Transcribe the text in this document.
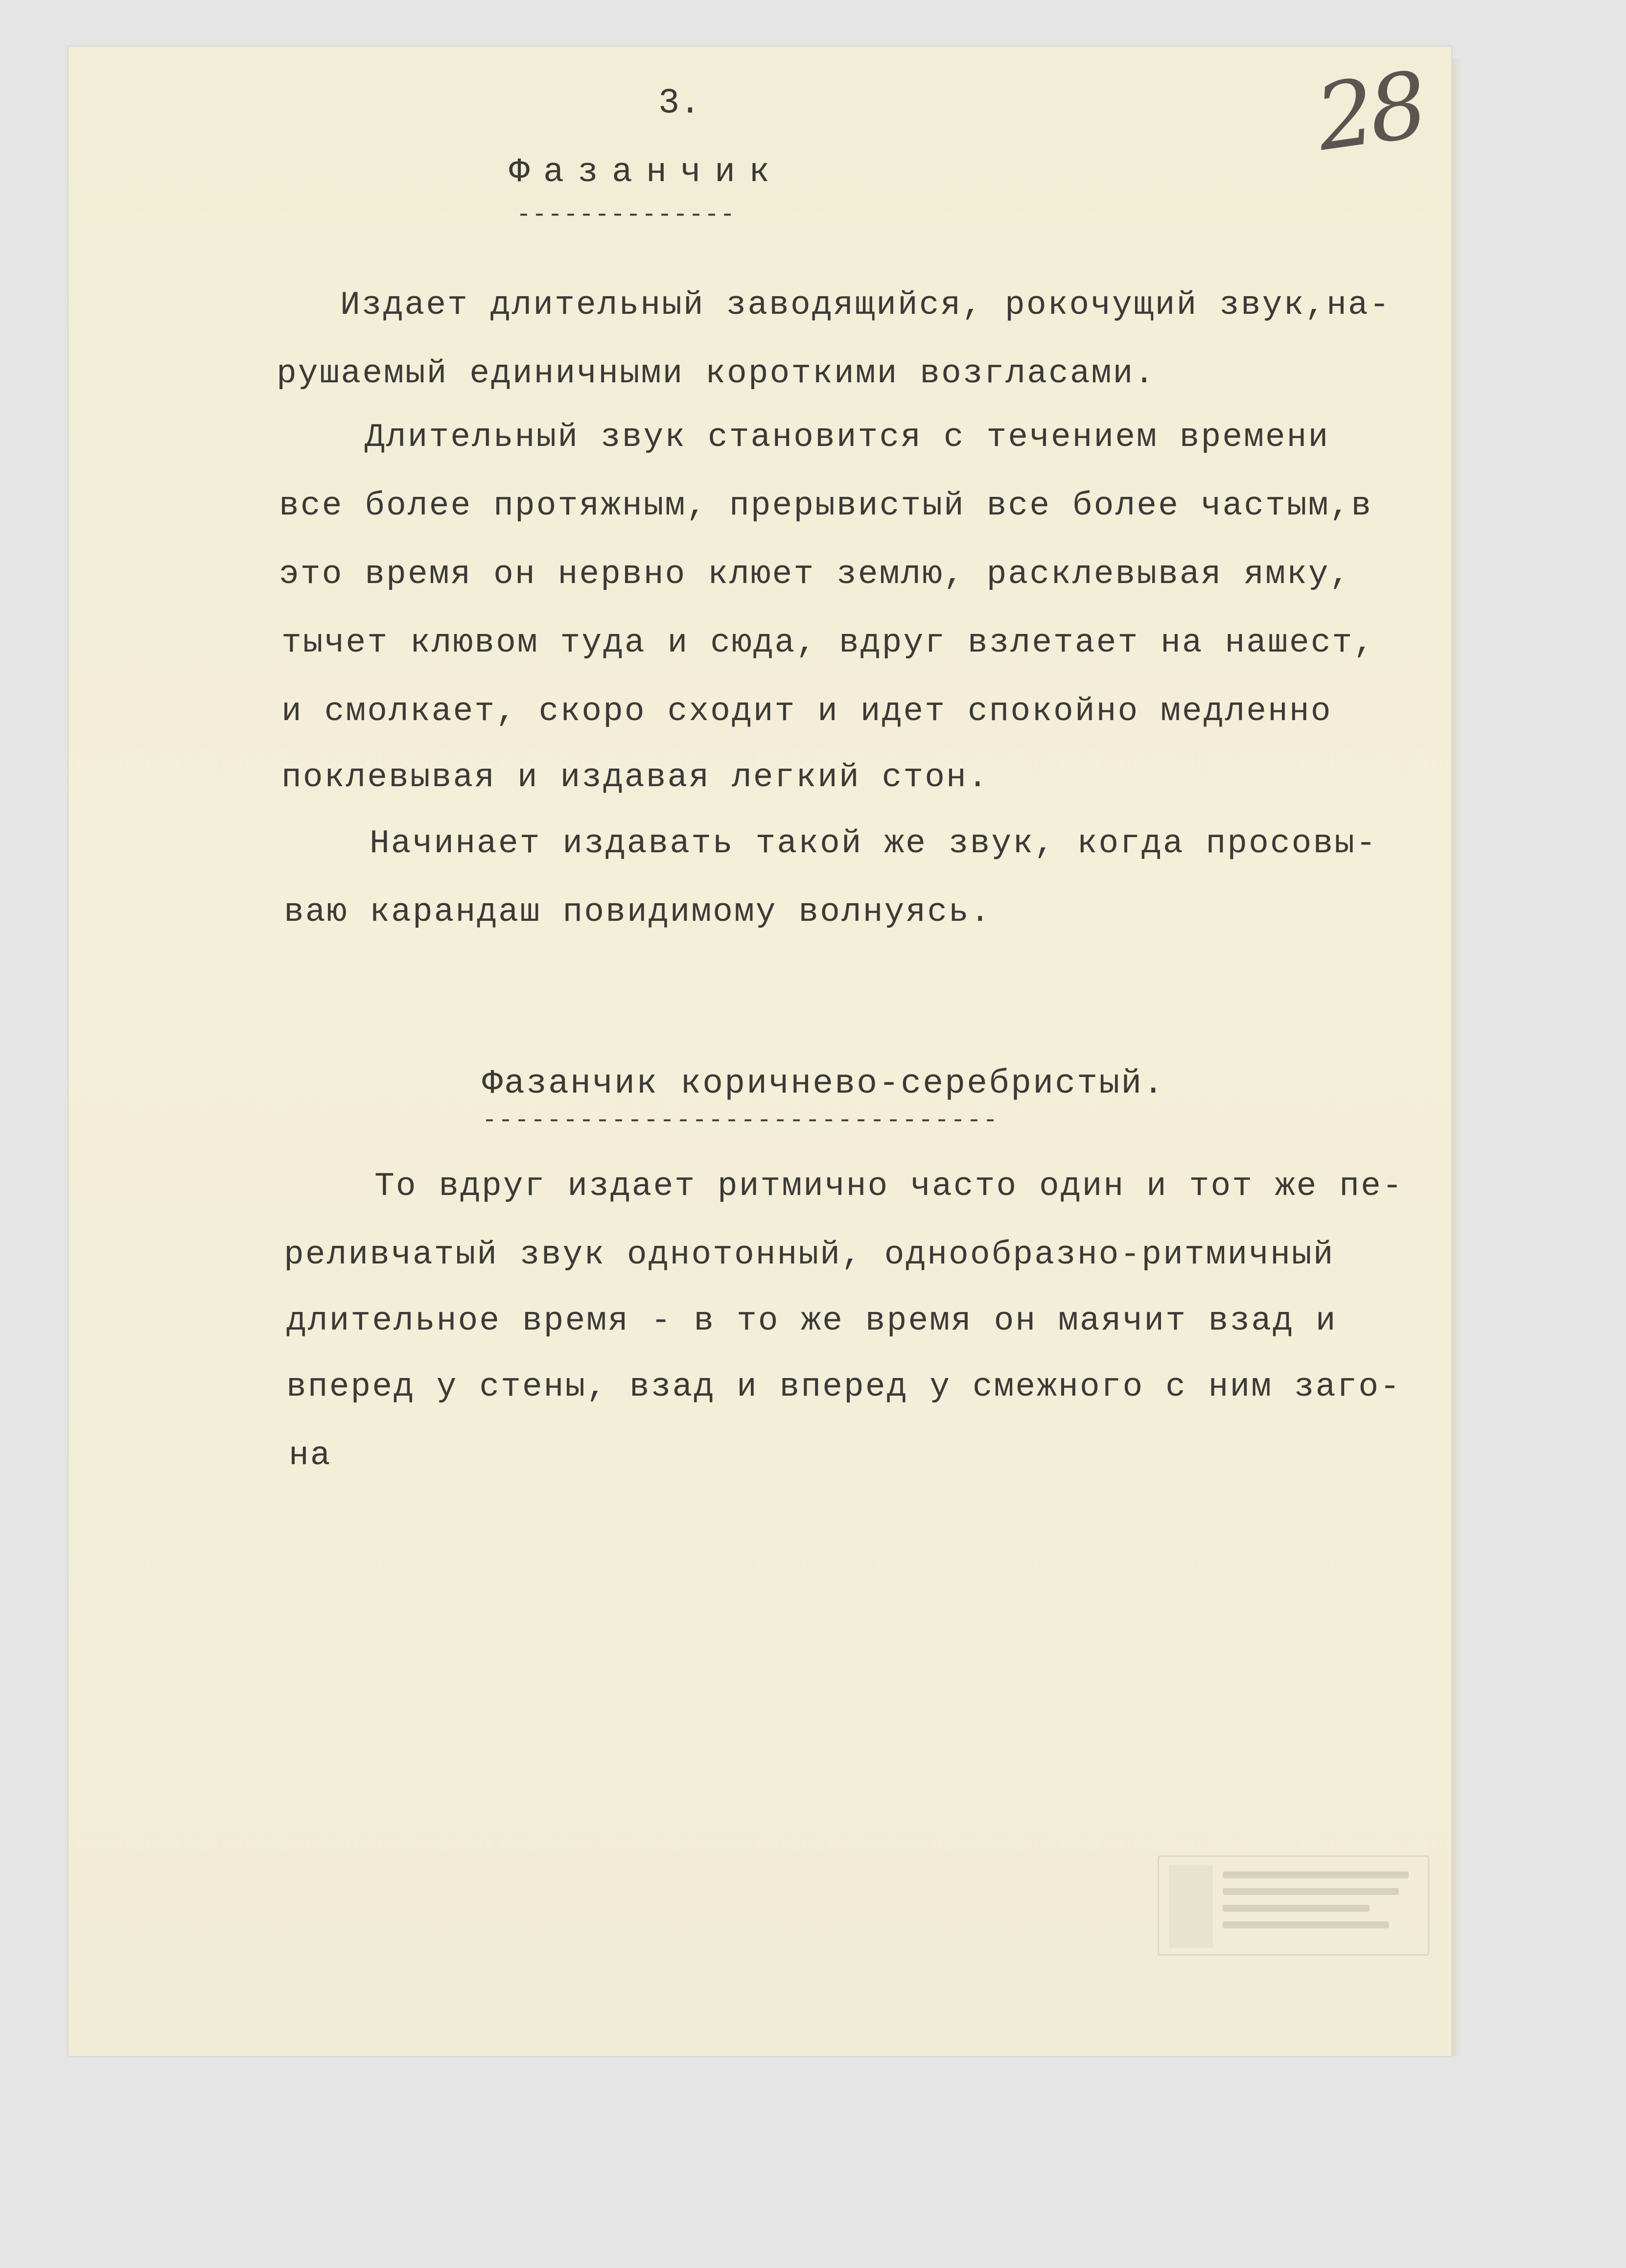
3.	28
Фазанчик
--------------
Издает длительный заводящийся, рокочущий звук,на-
рушаемый единичными короткими возгласами.
Длительный звук становится с течением времени
все более протяжным, прерывистый все более частым,в
это время он нервно клюет землю, расклевывая ямку,
тычет клювом туда и сюда, вдруг взлетает на нашест,
и смолкает, скоро сходит и идет спокойно медленно
поклевывая и издавая легкий стон.
Начинает издавать такой же звук, когда просовы-
ваю карандаш повидимому волнуясь.
Фазанчик коричнево-серебристый.
--------------------------------
То вдруг издает ритмично часто один и тот же пе-
реливчатый звук однотонный, однообразно-ритмичный
длительное время - в то же время он маячит взад и
вперед у стены, взад и вперед у смежного с ним заго-
на
